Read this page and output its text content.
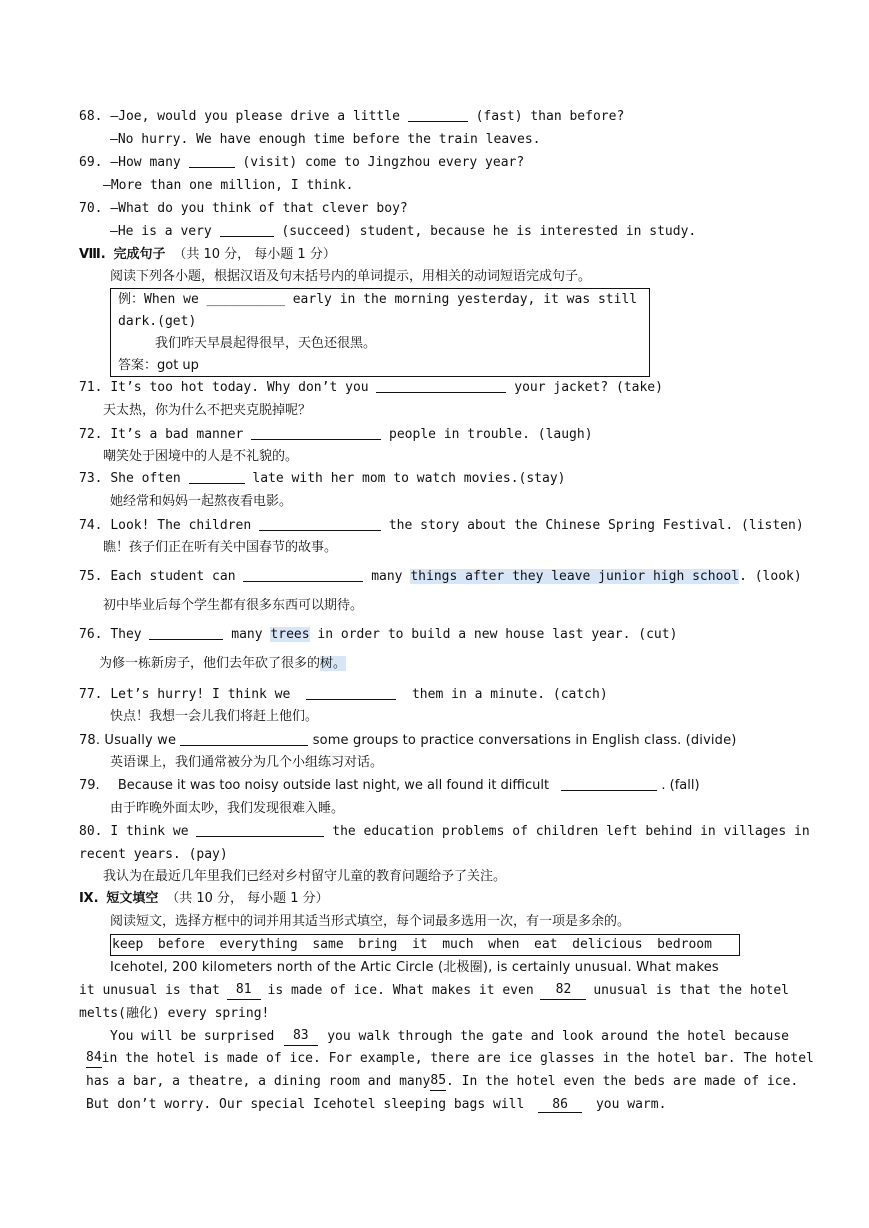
68. —Joe, would you please drive a little	(fast) than before?
—No hurry. We have enough time before the train leaves.
69. —How many	(visit) come to Jingzhou every year?
—More than one million, I think.
70. —What do you think of that clever boy?
—He is a very	(succeed) student, because he is interested in study.
Ⅷ. 完成句子 （共 10 分， 每小题 1 分）
阅读下列各小题，根据汉语及句末括号内的单词提示，用相关的动词短语完成句子。
例：When we __________ early in the morning yesterday, it was still
dark.(get)
我们昨天早晨起得很早，天色还很黑。
答案：got up
71. It’s too hot today. Why don’t you	your jacket? (take)
天太热，你为什么不把夹克脱掉呢？
72. It’s a bad manner	people in trouble. (laugh)
嘲笑处于困境中的人是不礼貌的。
73. She often	late with her mom to watch movies.(stay)
她经常和妈妈一起熬夜看电影。
74. Look! The children	the story about the Chinese Spring Festival. (listen)
瞧！孩子们正在听有关中国春节的故事。
75. Each student can	many things after they leave junior high school. (look)
初中毕业后每个学生都有很多东西可以期待。
76. They	many trees in order to build a new house last year. (cut)
为修一栋新房子，他们去年砍了很多的树。
77. Let’s hurry! I think we	them in a minute. (catch)
快点！我想一会儿我们将赶上他们。
78. Usually we	some groups to practice conversations in English class. (divide)
英语课上，我们通常被分为几个小组练习对话。
79. Because it was too noisy outside last night, we all found it difficult	. (fall)
由于昨晚外面太吵，我们发现很难入睡。
80. I think we	the education problems of children left behind in villages in
recent years. (pay)
我认为在最近几年里我们已经对乡村留守儿童的教育问题给予了关注。
Ⅸ. 短文填空 （共 10 分， 每小题 1 分）
阅读短文，选择方框中的词并用其适当形式填空，每个词最多选用一次，有一项是多余的。
keep before everything same bring it much when eat delicious bedroom
Icehotel, 200 kilometers north of the Artic Circle (北极圈), is certainly unusual. What makes
it unusual is that	81	is made of ice. What makes it even	82	unusual is that the hotel
melts(融化) every spring!
You will be surprised	83	you walk through the gate and look around the hotel because
84 in the hotel is made of ice. For example, there are ice glasses in the hotel bar. The hotel
has a bar, a theatre, a dining room and many 85 . In the hotel even the beds are made of ice.
But don’t worry. Our special Icehotel sleeping bags will 86 you warm.
